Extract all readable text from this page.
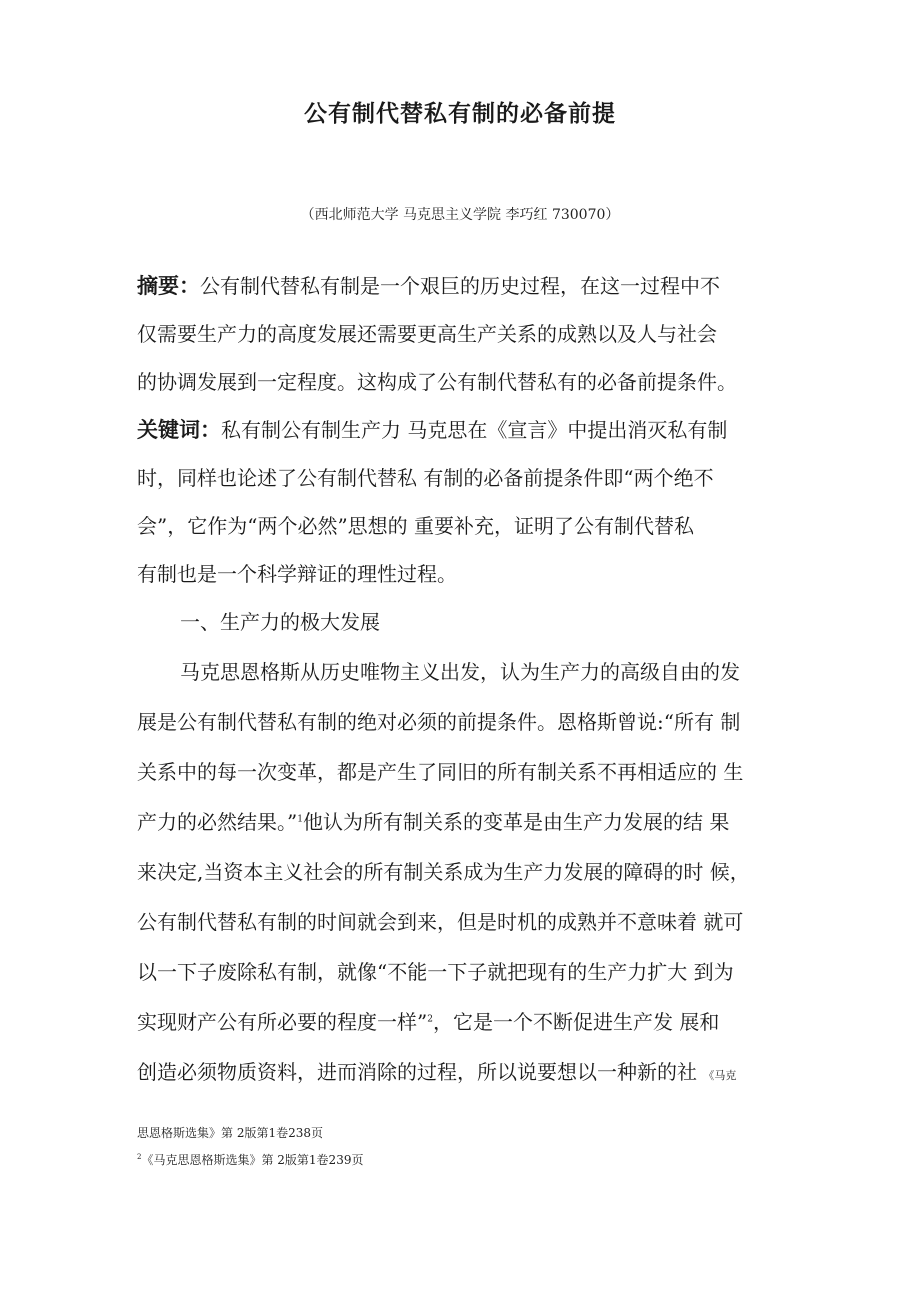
公有制代替私有制的必备前提
（西北师范大学 马克思主义学院 李巧红 730070）
摘要：公有制代替私有制是一个艰巨的历史过程，在这一过程中不
仅需要生产力的高度发展还需要更高生产关系的成熟以及人与社会
的协调发展到一定程度。这构成了公有制代替私有的必备前提条件。
关键词：私有制公有制生产力 马克思在《宣言》中提出消灭私有制
时，同样也论述了公有制代替私 有制的必备前提条件即“两个绝不
会”，它作为“两个必然”思想的 重要补充，证明了公有制代替私
有制也是一个科学辩证的理性过程。
一、生产力的极大发展
马克思恩格斯从历史唯物主义出发，认为生产力的高级自由的发
展是公有制代替私有制的绝对必须的前提条件。恩格斯曾说:“所有 制
关系中的每一次变革，都是产生了同旧的所有制关系不再相适应的 生
产力的必然结果。”$^1$他认为所有制关系的变革是由生产力发展的结 果
来决定,当资本主义社会的所有制关系成为生产力发展的障碍的时 候，
公有制代替私有制的时间就会到来，但是时机的成熟并不意味着 就可
以一下子废除私有制，就像“不能一下子就把现有的生产力扩大 到为
实现财产公有所必要的程度一样”$^2$，它是一个不断促进生产发 展和
创造必须物质资料，进而消除的过程，所以说要想以一种新的社 《马克
思恩格斯选集》第 2版第1卷238页
$^2$《马克思恩格斯选集》第 2版第1卷239页
